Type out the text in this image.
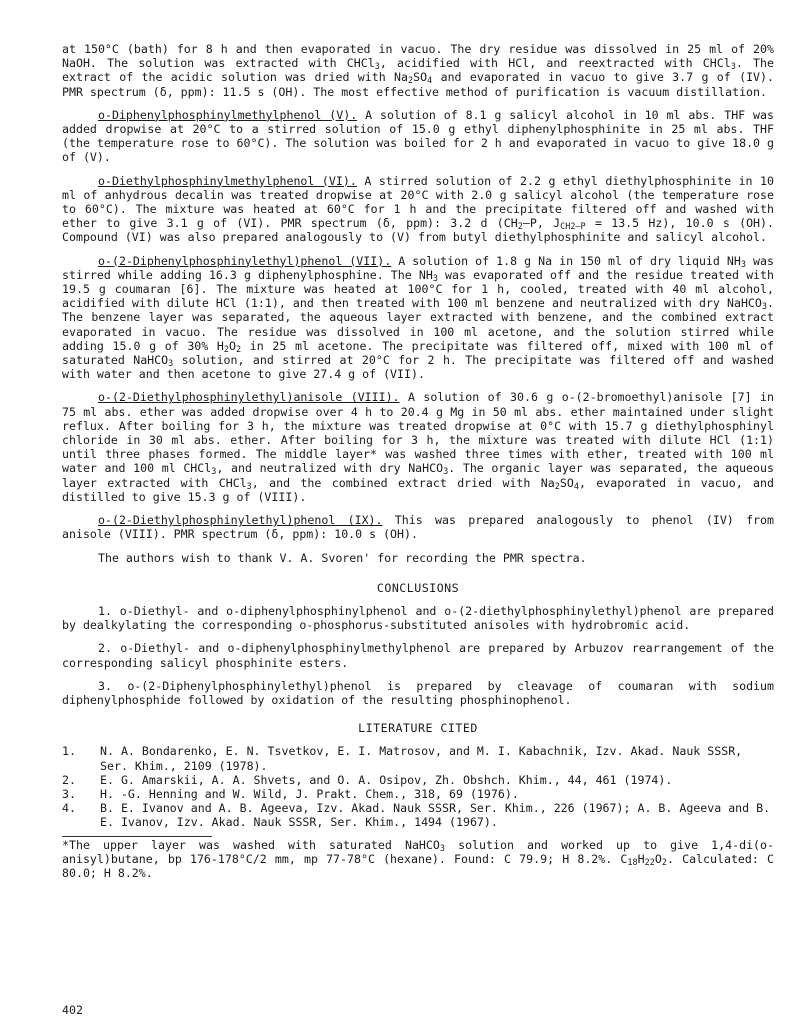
at 150°C (bath) for 8 h and then evaporated in vacuo. The dry residue was dissolved in 25 ml of 20% NaOH. The solution was extracted with CHCl$_3$, acidified with HCl, and reextracted with CHCl$_3$. The extract of the acidic solution was dried with $Na_2SO_4$ and evaporated in vacuo to give 3.7 g of (IV). PMR spectrum (δ, ppm): 11.5 s (OH). The most effective method of purification is vacuum distillation.

o-Diphenylphosphinylmethylphenol (V). A solution of 8.1 g salicyl alcohol in 10 ml abs. THF was added dropwise at 20°C to a stirred solution of 15.0 g ethyl diphenylphosphinite in 25 ml abs. THF (the temperature rose to 60°C). The solution was boiled for 2 h and evaporated in vacuo to give 18.0 g of (V).

o-Diethylphosphinylmethylphenol (VI). A stirred solution of 2.2 g ethyl diethylphosphinite in 10 ml of anhydrous decalin was treated dropwise at 20°C with 2.0 g salicyl alcohol (the temperature rose to 60°C). The mixture was heated at 60°C for 1 h and the precipitate filtered off and washed with ether to give 3.1 g of (VI). PMR spectrum (δ, ppm): 3.2 d ($CH_2—P$, $J_{CH2-P} = 13.5$ Hz), 10.0 s (OH). Compound (VI) was also prepared analogously to (V) from butyl diethylphosphinite and salicyl alcohol.

o-(2-Diphenylphosphinylethyl)phenol (VII). A solution of 1.8 g Na in 150 ml of dry liquid $NH_3$ was stirred while adding 16.3 g diphenylphosphine. The $NH_3$ was evaporated off and the residue treated with 19.5 g coumaran [6]. The mixture was heated at 100°C for 1 h, cooled, treated with 40 ml alcohol, acidified with dilute HCl (1:1), and then treated with 100 ml benzene and neutralized with dry NaHCO$_3$. The benzene layer was separated, the aqueous layer extracted with benzene, and the combined extract evaporated in vacuo. The residue was dissolved in 100 ml acetone, and the solution stirred while adding 15.0 g of 30% $H_2O_2$ in 25 ml acetone. The precipitate was filtered off, mixed with 100 ml of saturated NaHCO$_3$ solution, and stirred at 20°C for 2 h. The precipitate was filtered off and washed with water and then acetone to give 27.4 g of (VII).

o-(2-Diethylphosphinylethyl)anisole (VIII). A solution of 30.6 g o-(2-bromoethyl)anisole [7] in 75 ml abs. ether was added dropwise over 4 h to 20.4 g Mg in 50 ml abs. ether maintained under slight reflux. After boiling for 3 h, the mixture was treated dropwise at 0°C with 15.7 g diethylphosphinyl chloride in 30 ml abs. ether. After boiling for 3 h, the mixture was treated with dilute HCl (1:1) until three phases formed. The middle layer* was washed three times with ether, treated with 100 ml water and 100 ml CHCl$_3$, and neutralized with dry NaHCO$_3$. The organic layer was separated, the aqueous layer extracted with CHCl$_3$, and the combined extract dried with $Na_2SO_4$, evaporated in vacuo, and distilled to give 15.3 g of (VIII).

o-(2-Diethylphosphinylethyl)phenol (IX). This was prepared analogously to phenol (IV) from anisole (VIII). PMR spectrum (δ, ppm): 10.0 s (OH).

The authors wish to thank V. A. Svoren' for recording the PMR spectra.

CONCLUSIONS

1. o-Diethyl- and o-diphenylphosphinylphenol and o-(2-diethylphosphinylethyl)phenol are prepared by dealkylating the corresponding o-phosphorus-substituted anisoles with hydrobromic acid.

2. o-Diethyl- and o-diphenylphosphinylmethylphenol are prepared by Arbuzov rearrangement of the corresponding salicyl phosphinite esters.

3. o-(2-Diphenylphosphinylethyl)phenol is prepared by cleavage of coumaran with sodium diphenylphosphide followed by oxidation of the resulting phosphinophenol.

LITERATURE CITED
1. N. A. Bondarenko, E. N. Tsvetkov, E. I. Matrosov, and M. I. Kabachnik, Izv. Akad. Nauk SSSR, Ser. Khim., 2109 (1978).
2. E. G. Amarskii, A. A. Shvets, and O. A. Osipov, Zh. Obshch. Khim., 44, 461 (1974).
3. H. -G. Henning and W. Wild, J. Prakt. Chem., 318, 69 (1976).
4. B. E. Ivanov and A. B. Ageeva, Izv. Akad. Nauk SSSR, Ser. Khim., 226 (1967); A. B. Ageeva and B. E. Ivanov, Izv. Akad. Nauk SSSR, Ser. Khim., 1494 (1967).

*The upper layer was washed with saturated NaHCO$_3$ solution and worked up to give 1,4-di(o-anisyl)butane, bp 176-178°C/2 mm, mp 77-78°C (hexane). Found: C 79.9; H 8.2%. $C_{18}H_{22}O_2$. Calculated: C 80.0; H 8.2%.

402
